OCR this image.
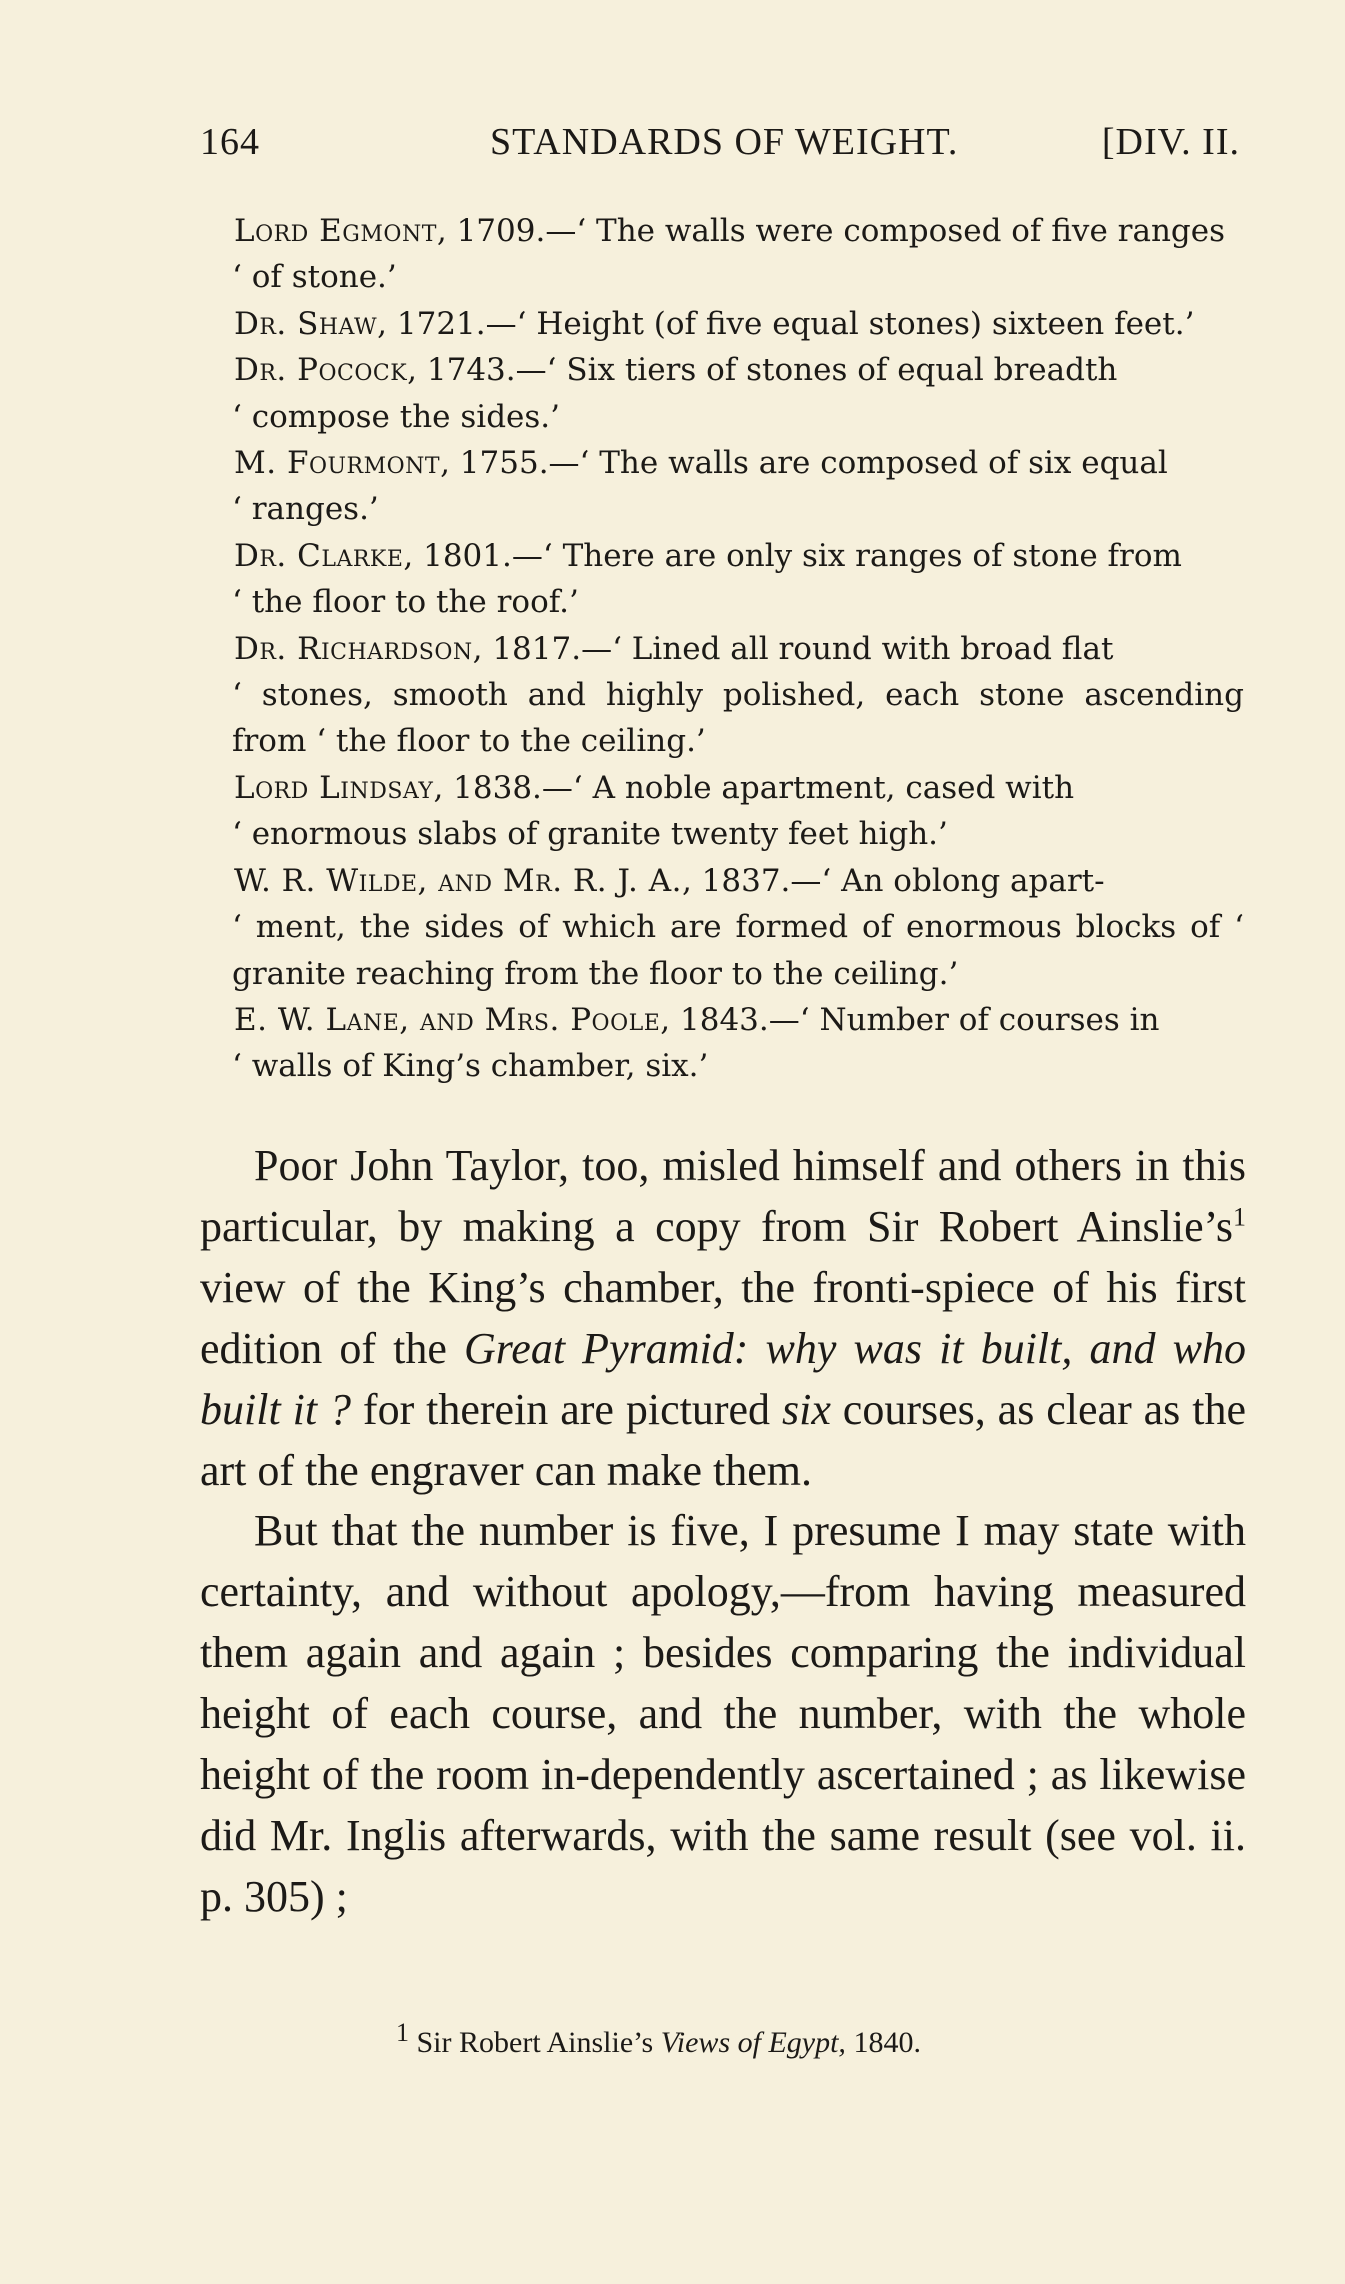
164	STANDARDS OF WEIGHT.	[DIV. II.

Lord Egmont, 1709.—‘ The walls were composed of five ranges
‘ of stone.’

Dr. Shaw, 1721.—‘ Height (of five equal stones) sixteen feet.’

Dr. Pocock, 1743.—‘ Six tiers of stones of equal breadth
‘ compose the sides.’

M. Fourmont, 1755.—‘ The walls are composed of six equal
‘ ranges.’

Dr. Clarke, 1801.—‘ There are only six ranges of stone from
‘ the floor to the roof.’

Dr. Richardson, 1817.—‘ Lined all round with broad flat
‘ stones, smooth and highly polished, each stone ascending from ‘ the floor to the ceiling.’

Lord Lindsay, 1838.—‘ A noble apartment, cased with
‘ enormous slabs of granite twenty feet high.’

W. R. Wilde, and Mr. R. J. A., 1837.—‘ An oblong apart-
‘ ment, the sides of which are formed of enormous blocks of ‘ granite reaching from the floor to the ceiling.’

E. W. Lane, and Mrs. Poole, 1843.—‘ Number of courses in
‘ walls of King’s chamber, six.’

Poor John Taylor, too, misled himself and others in this particular, by making a copy from Sir Robert $Ainslie’s^1$ view of the King’s chamber, the fronti-spiece of his first edition of the Great Pyramid: why was it built, and who built it ? for therein are pictured six courses, as clear as the art of the engraver can make them.

But that the number is five, I presume I may state with certainty, and without apology,—from having measured them again and again ; besides comparing the individual height of each course, and the number, with the whole height of the room in-dependently ascertained ; as likewise did Mr. Inglis afterwards, with the same result (see vol. ii. p. 305) ;

$^1$ Sir Robert Ainslie’s Views of Egypt, 1840.
